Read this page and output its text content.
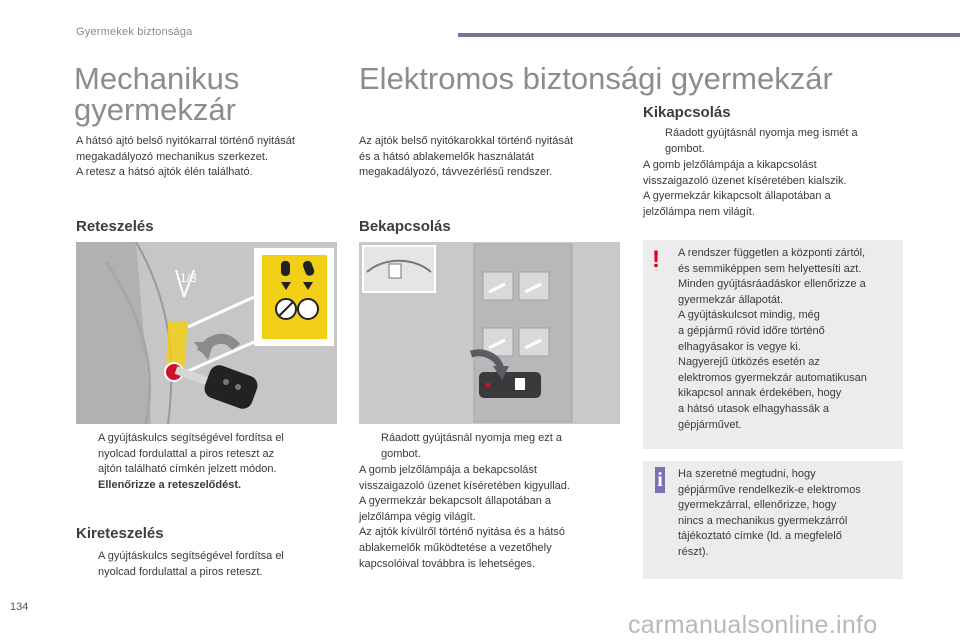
Gyermekek biztonsága
Mechanikus
gyermekzár
Elektromos biztonsági gyermekzár
A hátsó ajtó belső nyitókarral történő nyitását
megakadályozó mechanikus szerkezet.
A retesz a hátsó ajtók élén található.
Az ajtók belső nyitókarokkal történő nyitását
és a hátsó ablakemelők használatát
megakadályozó, távvezérlésű rendszer.
Kikapcsolás
Ráadott gyújtásnál nyomja meg ismét a
gombot.
A gomb jelzőlámpája a kikapcsolást
visszaigazoló üzenet kíséretében kialszik.
A gyermekzár kikapcsolt állapotában a
jelzőlámpa nem világít.
Reteszelés	Bekapcsolás
1/8
! A rendszer független a központi zártól,
és semmiképpen sem helyettesíti azt.
Minden gyújtásráadáskor ellenőrizze a
gyermekzár állapotát.
A gyújtáskulcsot mindig, még
a gépjármű rövid időre történő
elhagyásakor is vegye ki.
Nagyerejű ütközés esetén az
elektromos gyermekzár automatikusan
kikapcsol annak érdekében, hogy
a hátsó utasok elhagyhassák a
gépjárművet.
i Ha szeretné megtudni, hogy
gépjárműve rendelkezik-e elektromos
gyermekzárral, ellenőrizze, hogy
nincs a mechanikus gyermekzárról
tájékoztató címke (ld. a megfelelő
részt).
A gyújtáskulcs segítségével fordítsa el
nyolcad fordulattal a piros reteszt az
ajtón található címkén jelzett módon.
Ellenőrizze a reteszelődést.
Ráadott gyújtásnál nyomja meg ezt a
gombot.
A gomb jelzőlámpája a bekapcsolást
visszaigazoló üzenet kíséretében kigyullad.
A gyermekzár bekapcsolt állapotában a
jelzőlámpa végig világít.
Az ajtók kívülről történő nyitása és a hátsó
ablakemelők működtetése a vezetőhely
kapcsolóival továbbra is lehetséges.
Kireteszelés
A gyújtáskulcs segítségével fordítsa el
nyolcad fordulattal a piros reteszt.
134
carmanualsonline.info
